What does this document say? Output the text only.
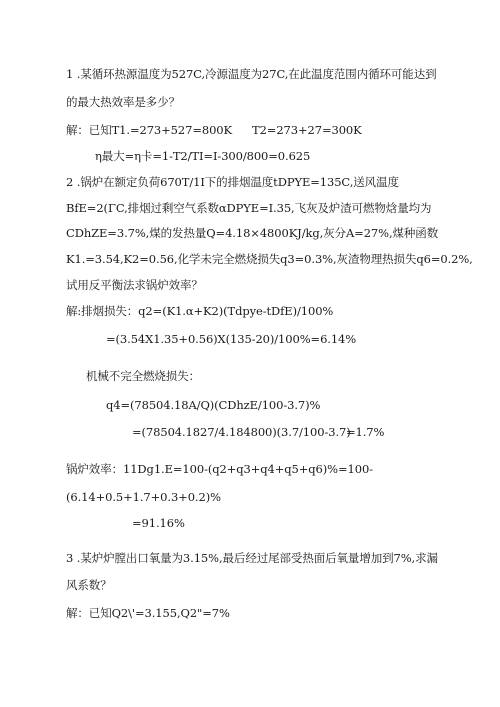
1 .某循环热源温度为527C,冷源温度为27C,在此温度范围内循环可能达到
的最大热效率是多少？
解：已知T1.=273+527=800K T2=273+27=300K
η最大=η卡=1-T2/TI=I-300/800=0.625
2 .锅炉在额定负荷670T/1I下的排烟温度tDPYE=135C,送风温度
BfE=2(ΓC,排烟过剩空气系数αDPYE=I.35,飞灰及炉渣可燃物焓量均为
CDhZE=3.7%,煤的发热量Q=4.18×4800KJ/kg,灰分A=27%,煤种函数
K1.=3.54,K2=0.56,化学未完全燃烧损失q3=0.3%,灰渣物理热损失q6=0.2%,
试用反平衡法求锅炉效率？
解:排烟损失：q2=(K1.α+K2)(Tdpye-tDfE)/100%
=(3.54X1.35+0.56)X(135-20)/100%=6.14%
机械不完全燃烧损失：
q4=(78504.18A/Q)(CDhzE/100-3.7)%
=(78504.1827/4.184800)(3.7/100-3.7)
=1.7%
锅炉效率：11Dg1.E=100-(q2+q3+q4+q5+q6)%=100-
(6.14+0.5+1.7+0.3+0.2)%
=91.16%
3 .某炉炉膛出口氧量为3.15%,最后经过尾部受热面后氧量增加到7%,求漏
风系数？
解：已知Q2\'=3.155,Q2"=7%
